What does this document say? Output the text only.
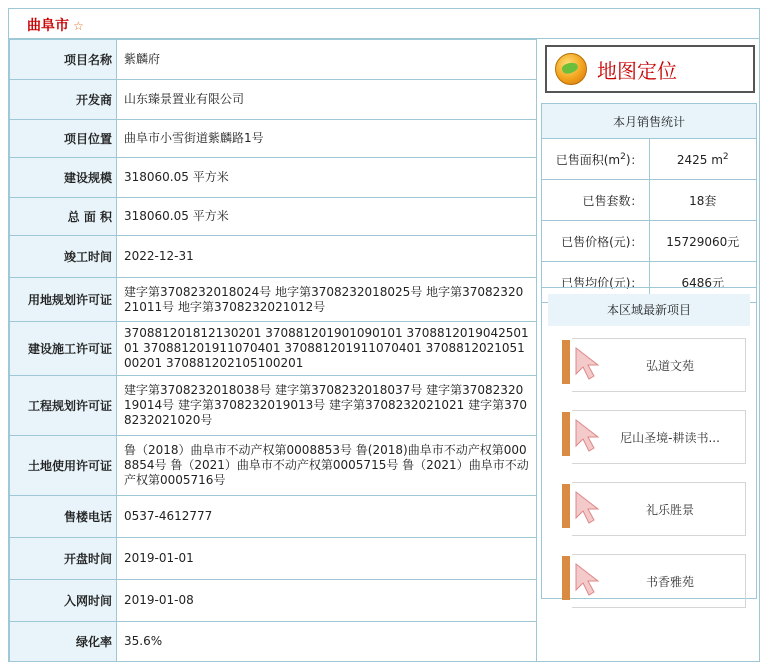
曲阜市 ☆
项目名称	紫麟府
开发商	山东臻景置业有限公司
项目位置	曲阜市小雪街道紫麟路1号
建设规模	318060.05 平方米
总 面 积	318060.05 平方米
竣工时间	2022-12-31
用地规划许可证	建字第3708232018024号 地字第3708232018025号 地字第3708232021011号 地字第3708232021012号
建设施工许可证	370881201812130201 370881201901090101 370881201904250101 370881201911070401 370881201911070401 370881202105100201 370881202105100201
工程规划许可证	建字第3708232018038号 建字第3708232018037号 建字第3708232019014号 建字第3708232019013号 建字第3708232021021 建字第3708232021020号
土地使用许可证	鲁（2018）曲阜市不动产权第0008853号 鲁(2018)曲阜市不动产权第0008854号 鲁（2021）曲阜市不动产权第0005715号 鲁（2021）曲阜市不动产权第0005716号
售楼电话	0537-4612777
开盘时间	2019-01-01
入网时间	2019-01-08
绿化率	35.6%
地图定位
本月销售统计	
已售面积$(m^2)$：	2425 $m^2$
已售套数：	18套
已售价格(元)：	15729060元
已售均价(元)：	6486元
本区域最新项目
弘道文苑
尼山圣境-耕读书...
礼乐胜景
书香雅苑
